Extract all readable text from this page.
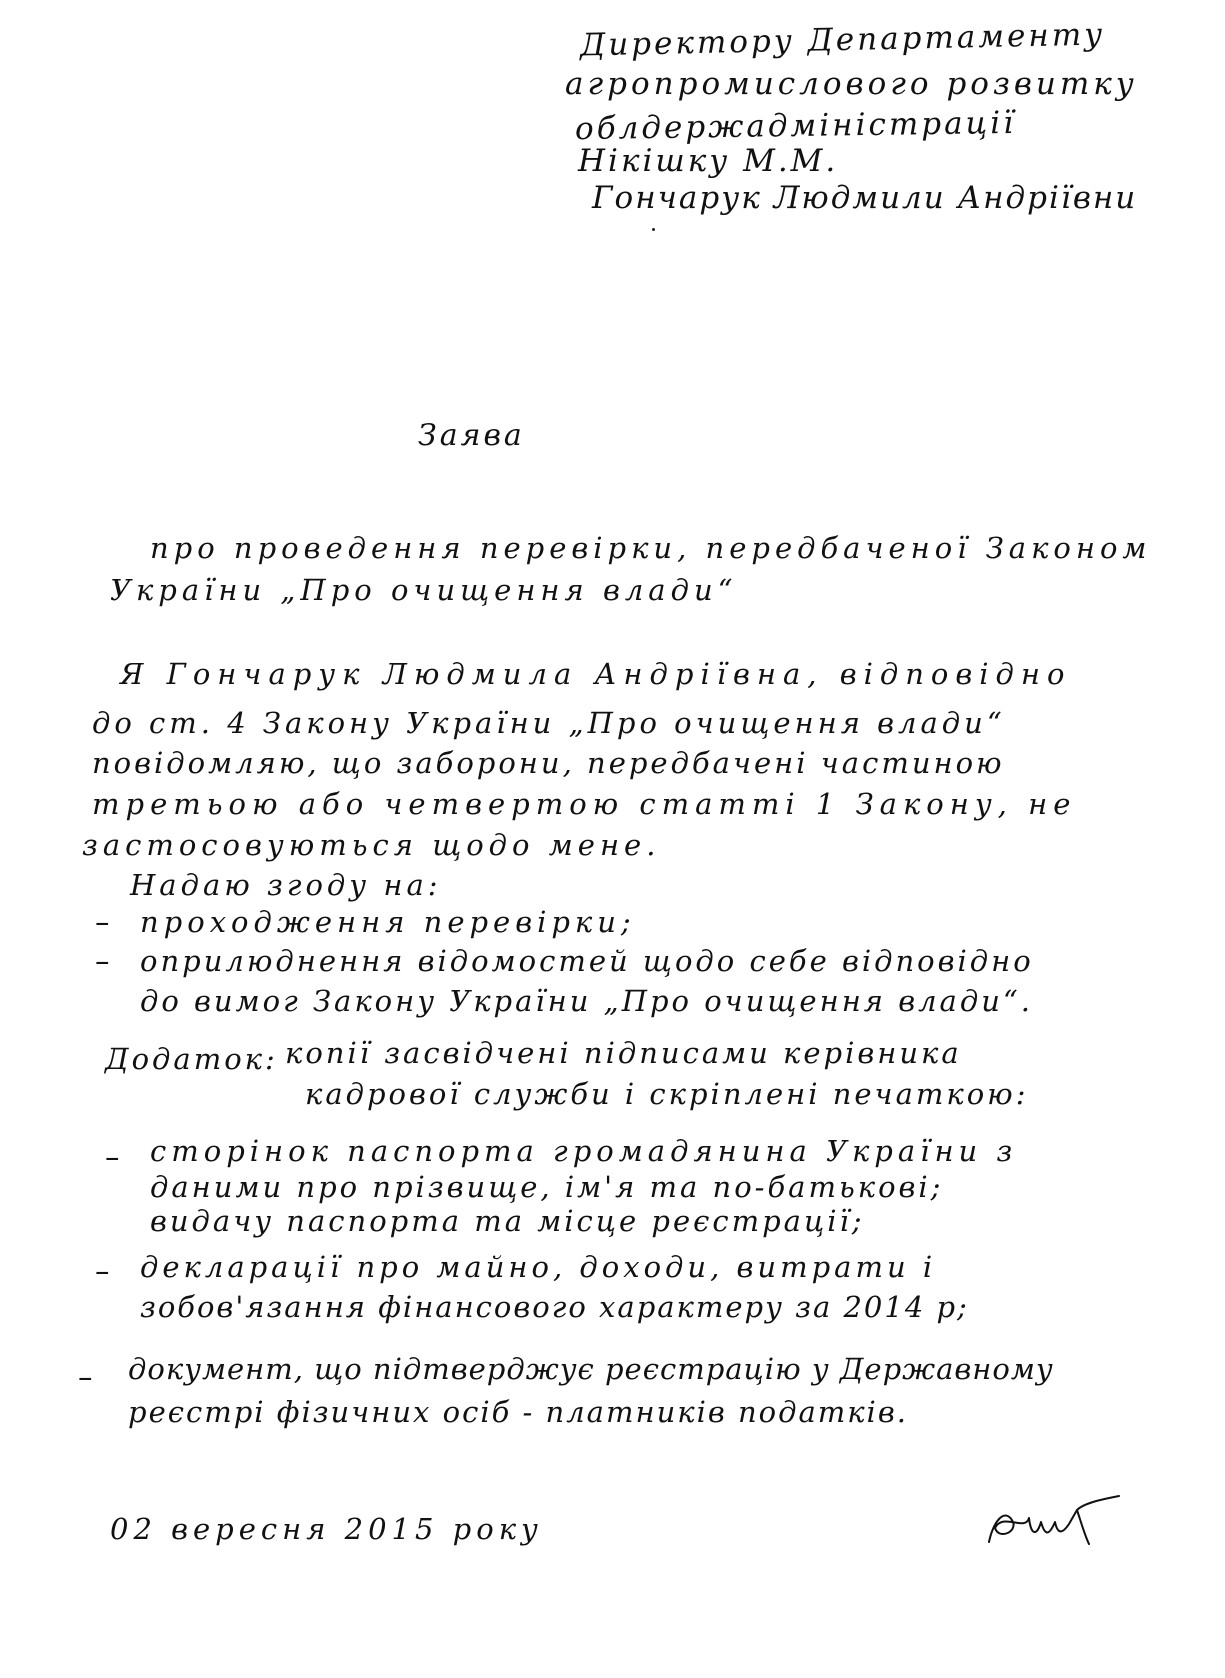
Директору Департаменту
агропромислового розвитку
облдержадміністрації
Нікішку М.М.
Гончарук Людмили Андріївни
Заява
про проведення перевірки, передбаченої Законом
України „Про очищення влади“
Я Гончарук Людмила Андріївна, відповідно
до ст. 4 Закону України „Про очищення влади“
повідомляю, що заборони, передбачені частиною
третьою або четвертою статті 1 Закону, не
застосовуються щодо мене.
Надаю згоду на:
– проходження перевірки;
– оприлюднення відомостей щодо себе відповідно
до вимог Закону України „Про очищення влади“.
Додаток: копії засвідчені підписами керівника
кадрової служби і скріплені печаткою:
– сторінок паспорта громадянина України з
даними про прізвище, ім'я та по-батькові;
видачу паспорта та місце реєстрації;
– декларації про майно, доходи, витрати і
зобов'язання фінансового характеру за 2014 р;
– документ, що підтверджує реєстрацію у Державному
реєстрі фізичних осіб - платників податків.
02 вересня 2015 року
